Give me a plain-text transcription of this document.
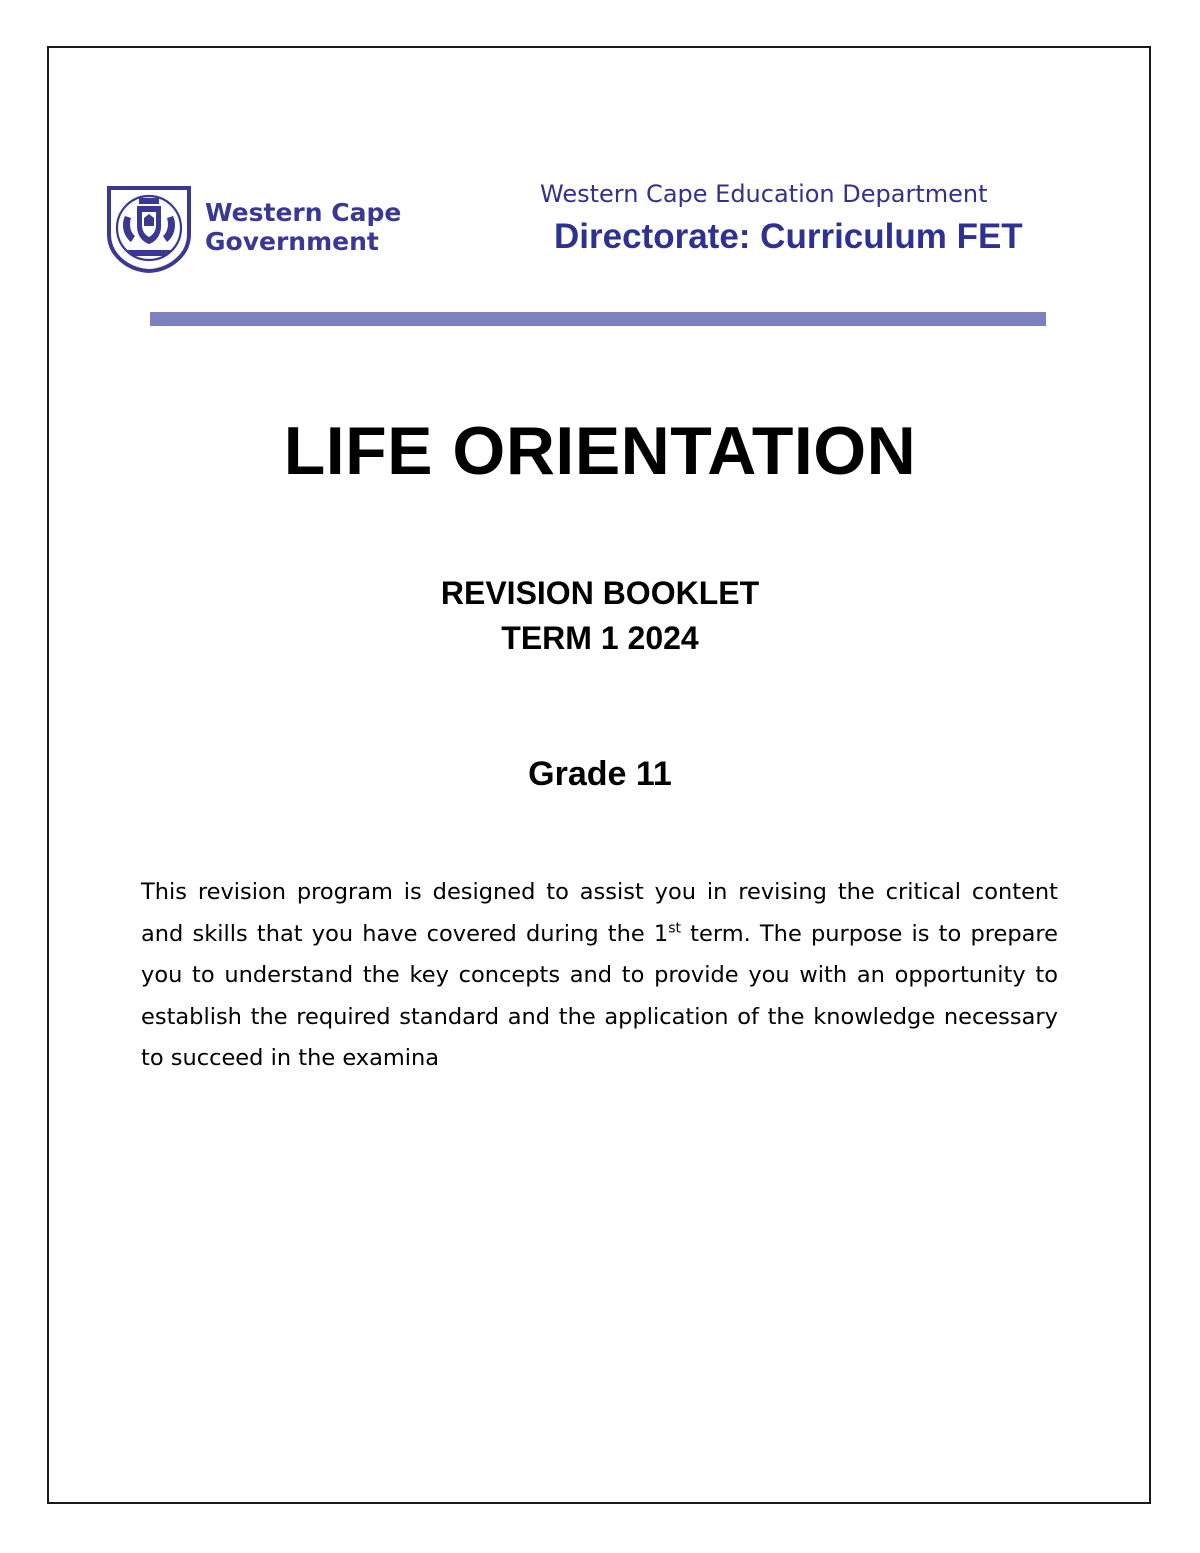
Western Cape
Government
Western Cape Education Department
Directorate: Curriculum FET
LIFE ORIENTATION
REVISION BOOKLET
TERM 1 2024
Grade 11

This revision program is designed to assist you in revising the critical content and skills that you have covered during the 1st term. The purpose is to prepare you to understand the key concepts and to provide you with an opportunity to establish the required standard and the application of the knowledge necessary to succeed in the examina
